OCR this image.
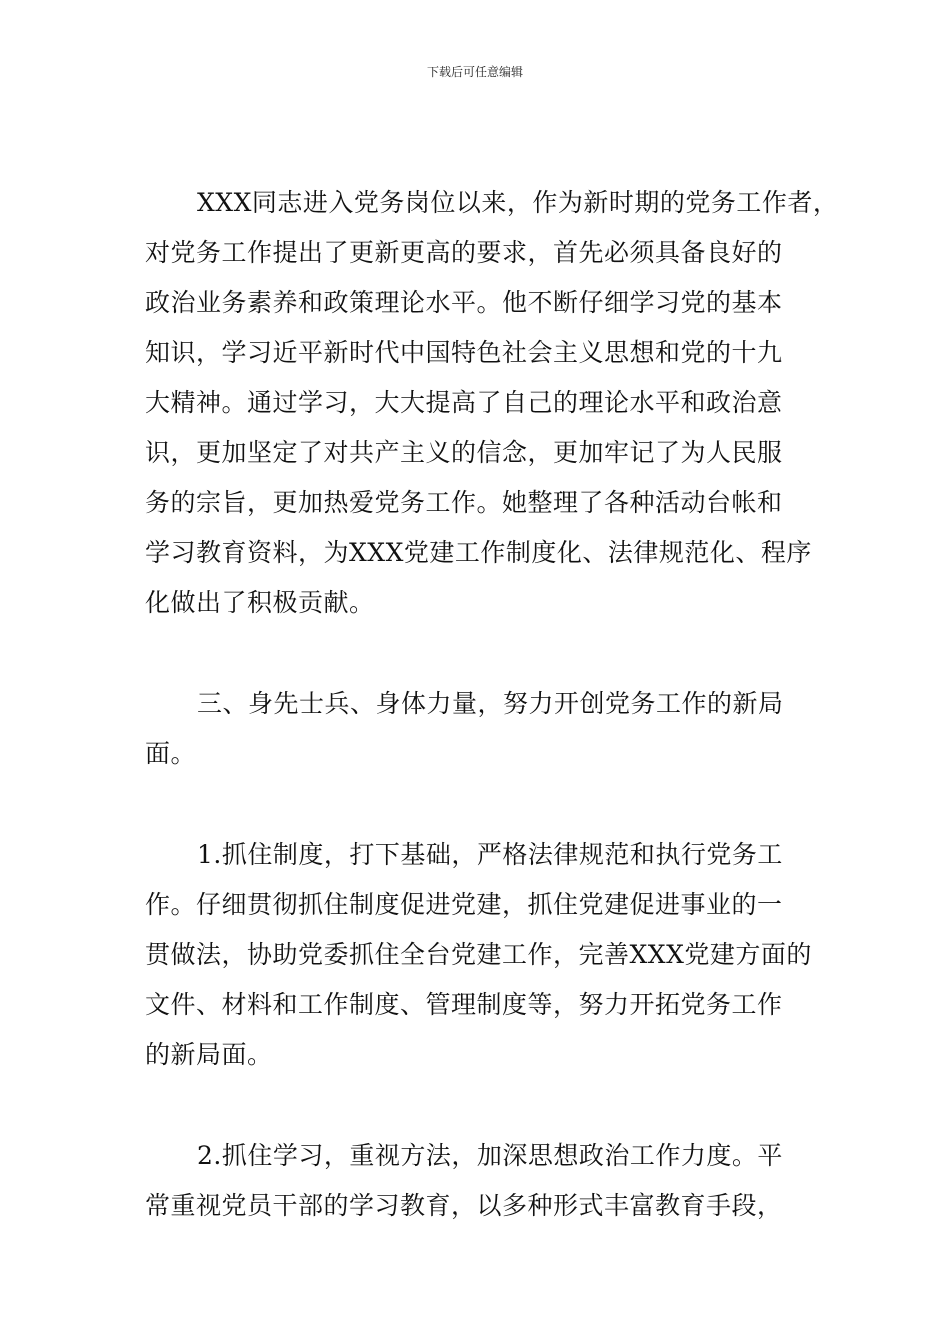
下载后可任意编辑
XXX同志进入党务岗位以来，作为新时期的党务工作者，
对党务工作提出了更新更高的要求，首先必须具备良好的
政治业务素养和政策理论水平。他不断仔细学习党的基本
知识，学习近平新时代中国特色社会主义思想和党的十九
大精神。通过学习，大大提高了自己的理论水平和政治意
识，更加坚定了对共产主义的信念，更加牢记了为人民服
务的宗旨，更加热爱党务工作。她整理了各种活动台帐和
学习教育资料，为XXX党建工作制度化、法律规范化、程序
化做出了积极贡献。
三、身先士兵、身体力量，努力开创党务工作的新局
面。
1.抓住制度，打下基础，严格法律规范和执行党务工
作。仔细贯彻抓住制度促进党建，抓住党建促进事业的一
贯做法，协助党委抓住全台党建工作，完善XXX党建方面的
文件、材料和工作制度、管理制度等，努力开拓党务工作
的新局面。
2.抓住学习，重视方法，加深思想政治工作力度。平
常重视党员干部的学习教育，以多种形式丰富教育手段，
